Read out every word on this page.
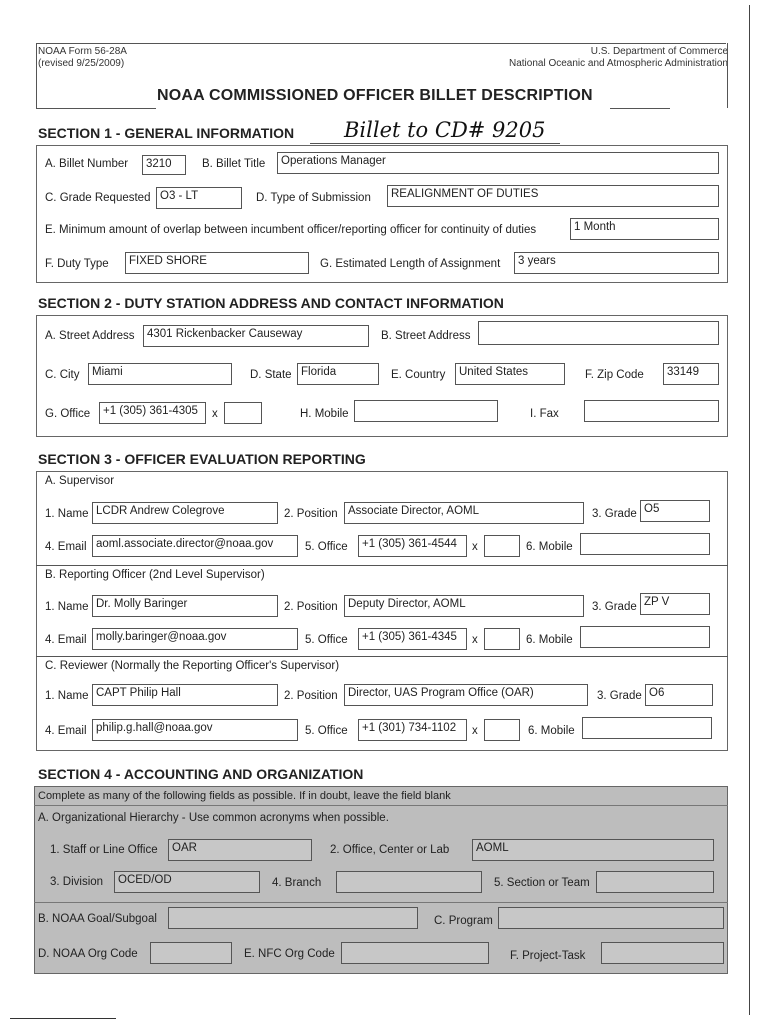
NOAA Form 56-28A
(revised 9/25/2009)
U.S. Department of Commerce
National Oceanic and Atmospheric Administration
NOAA COMMISSIONED OFFICER BILLET DESCRIPTION
SECTION 1 - GENERAL INFORMATION Billet to CD# 9205
A. Billet Number	3210	B. Billet Title	Operations Manager
C. Grade Requested O3 - LT	D. Type of Submission	REALIGNMENT OF DUTIES
E. Minimum amount of overlap between incumbent officer/reporting officer for continuity of duties	1 Month
F. Duty Type	FIXED SHORE	G. Estimated Length of Assignment	3 years
SECTION 2 - DUTY STATION ADDRESS AND CONTACT INFORMATION
A. Street Address	4301 Rickenbacker Causeway	B. Street Address
C. City	Miami	D. State Florida	E. Country	United States	F. Zip Code	33149
G. Office	+1 (305) 361-4305	x	H. Mobile	I. Fax
SECTION 3 - OFFICER EVALUATION REPORTING
A. Supervisor
1. Name LCDR Andrew Colegrove	2. Position Associate Director, AOML	3. Grade O5
4. Email aoml.associate.director@noaa.gov	5. Office	+1 (305) 361-4544	x	6. Mobile
B. Reporting Officer (2nd Level Supervisor)
1. Name Dr. Molly Baringer	2. Position Deputy Director, AOML	3. Grade ZP V
4. Email molly.baringer@noaa.gov	5. Office	+1 (305) 361-4345	x	6. Mobile
C. Reviewer (Normally the Reporting Officer's Supervisor)
1. Name CAPT Philip Hall	2. Position Director, UAS Program Office (OAR)	3. Grade O6
4. Email philip.g.hall@noaa.gov	5. Office	+1 (301) 734-1102	x	6. Mobile
SECTION 4 - ACCOUNTING AND ORGANIZATION
Complete as many of the following fields as possible. If in doubt, leave the field blank
A. Organizational Hierarchy - Use common acronyms when possible.
1. Staff or Line Office	OAR	2. Office, Center or Lab	AOML
3. Division	OCED/OD	4. Branch	5. Section or Team
B. NOAA Goal/Subgoal	C. Program
D. NOAA Org Code	E. NFC Org Code	F. Project-Task
